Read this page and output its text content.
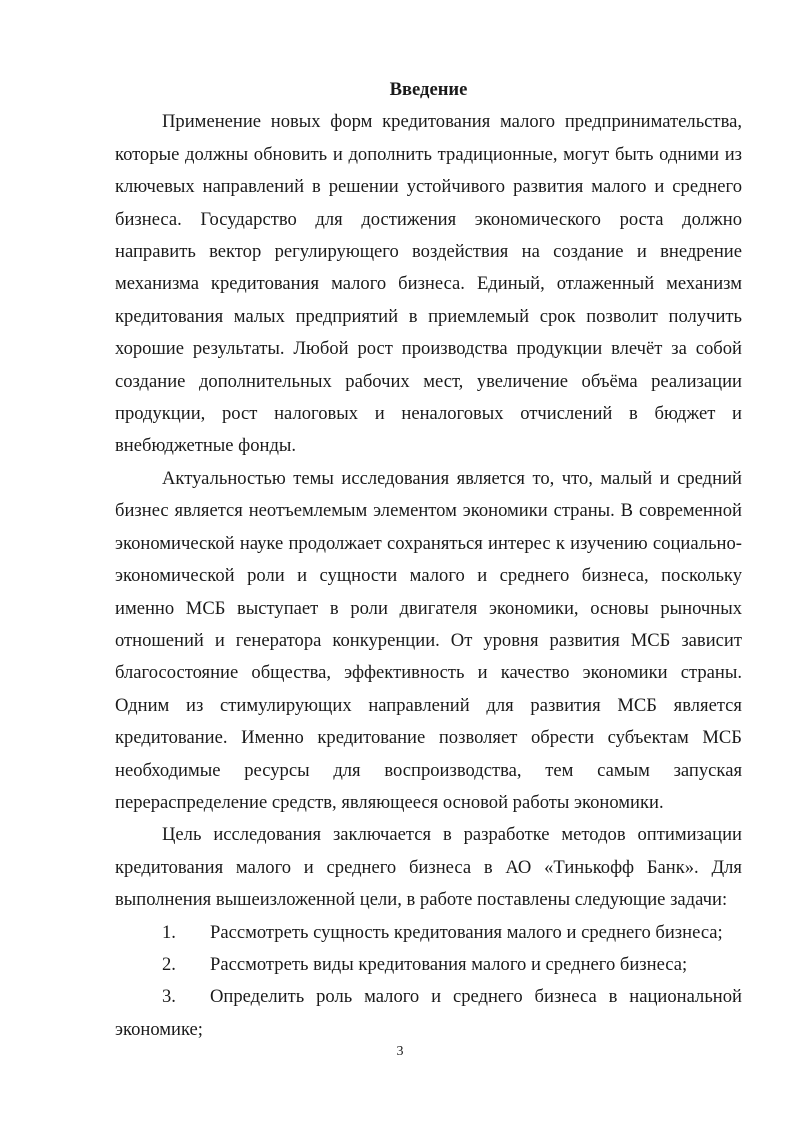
Введение

Применение новых форм кредитования малого предпринимательства, которые должны обновить и дополнить традиционные, могут быть одними из ключевых направлений в решении устойчивого развития малого и среднего бизнеса. Государство для достижения экономического роста должно направить вектор регулирующего воздействия на создание и внедрение механизма кредитования малого бизнеса. Единый, отлаженный механизм кредитования малых предприятий в приемлемый срок позволит получить хорошие результаты. Любой рост производства продукции влечёт за собой создание дополнительных рабочих мест, увеличение объёма реализации продукции, рост налоговых и неналоговых отчислений в бюджет и внебюджетные фонды.

Актуальностью темы исследования является то, что, малый и средний бизнес является неотъемлемым элементом экономики страны. В современной экономической науке продолжает сохраняться интерес к изучению социально-экономической роли и сущности малого и среднего бизнеса, поскольку именно МСБ выступает в роли двигателя экономики, основы рыночных отношений и генератора конкуренции. От уровня развития МСБ зависит благосостояние общества, эффективность и качество экономики страны. Одним из стимулирующих направлений для развития МСБ является кредитование. Именно кредитование позволяет обрести субъектам МСБ необходимые ресурсы для воспроизводства, тем самым запуская перераспределение средств, являющееся основой работы экономики.

Цель исследования заключается в разработке методов оптимизации кредитования малого и среднего бизнеса в АО «Тинькофф Банк». Для выполнения вышеизложенной цели, в работе поставлены следующие задачи:

1. Рассмотреть сущность кредитования малого и среднего бизнеса;

2. Рассмотреть виды кредитования малого и среднего бизнеса;

3. Определить роль малого и среднего бизнеса в национальной экономике;

3
